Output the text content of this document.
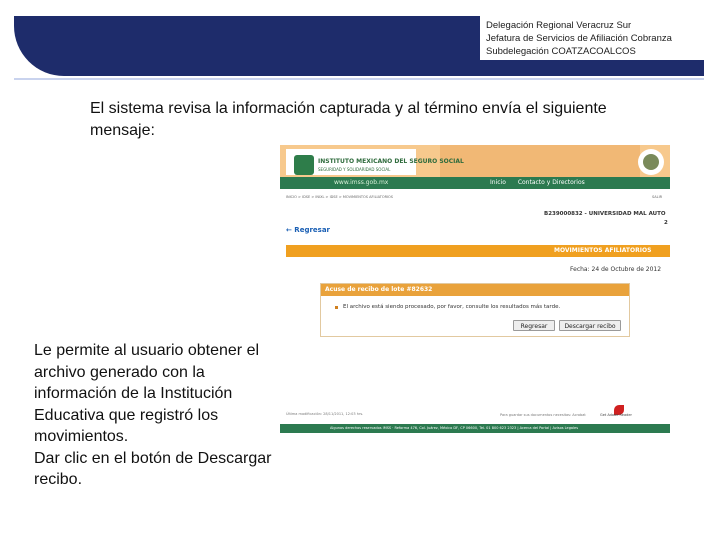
Delegación Regional Veracruz Sur
Jefatura de Servicios de Afiliación Cobranza
Subdelegación COATZACOALCOS
El sistema revisa la información capturada y al término envía el siguiente mensaje:
Le permite al usuario obtener el archivo generado con la información de la Institución Educativa que registró los movimientos.
Dar clic en el botón de Descargar recibo.
INSTITUTO MEXICANO DEL SEGURO SOCIAL
SEGURIDAD Y SOLIDARIDAD SOCIAL
www.imss.gob.mx	Inicio Contacto y Directorios
INICIO > IDSE > INIXL > IDSE > MOVIMIENTOS AFILIATORIOS	SALIR
B239000832 - UNIVERSIDAD MAL AUTO
2
← Regresar
MOVIMIENTOS AFILIATORIOS
Fecha: 24 de Octubre de 2012
Acuse de recibo de lote #82632
El archivo está siendo procesado, por favor, consulte los resultados más tarde.
Regresar	Descargar recibo
Última modificación: 28/11/2011, 12:03 hrs.	Para guardar sus documentos necesitas: Acrobat	Get Adobe Reader
Algunos derechos reservados IMSS · Reforma 476, Col. Juárez, México DF, CP 06600, Tel. 01 800 623 2323 | Acerca del Portal | Avisos Legales
